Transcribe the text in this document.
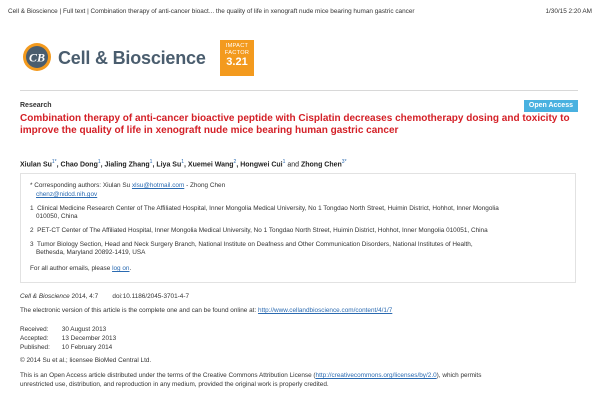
Cell & Bioscience | Full text | Combination therapy of anti-cancer bioact... the quality of life in xenograft nude mice bearing human gastric cancer	1/30/15 2:20 AM
CB Cell & Bioscience
IMPACT
FACTOR
3.21
Research	Open Access
Combination therapy of anti-cancer bioactive peptide with Cisplatin decreases chemotherapy dosing and toxicity to improve the quality of life in xenograft nude mice bearing human gastric cancer
Xiulan $Su^{1*}$, Chao Dong$^1$, Jialing Zhang$^1$, Liya Su$^1$, Xuemei Wang$^2$, Hongwei Cui$^1$ and Zhong Chen$^{3*}$
* Corresponding authors: Xiulan Su xlsu@hotmail.com - Zhong Chen
chenz@nidcd.nih.gov
1 Clinical Medicine Research Center of The Affiliated Hospital, Inner Mongolia Medical University, No 1 Tongdao North Street, Huimin District, Hohhot, Inner Mongolia
010050, China
2 PET-CT Center of The Affiliated Hospital, Inner Mongolia Medical University, No 1 Tongdao North Street, Huimin District, Hohhot, Inner Mongolia 010051, China
3 Tumor Biology Section, Head and Neck Surgery Branch, National Institute on Deafness and Other Communication Disorders, National Institutes of Health,
Bethesda, Maryland 20892-1419, USA
For all author emails, please log on.
Cell & Bioscience 2014, 4:7 doi:10.1186/2045-3701-4-7
The electronic version of this article is the complete one and can be found online at: http://www.cellandbioscience.com/content/4/1/7
Received: 30 August 2013
Accepted: 13 December 2013
Published: 10 February 2014
© 2014 Su et al.; licensee BioMed Central Ltd.
This is an Open Access article distributed under the terms of the Creative Commons Attribution License (http://creativecommons.org/licenses/by/2.0), which permits
unrestricted use, distribution, and reproduction in any medium, provided the original work is properly credited.
